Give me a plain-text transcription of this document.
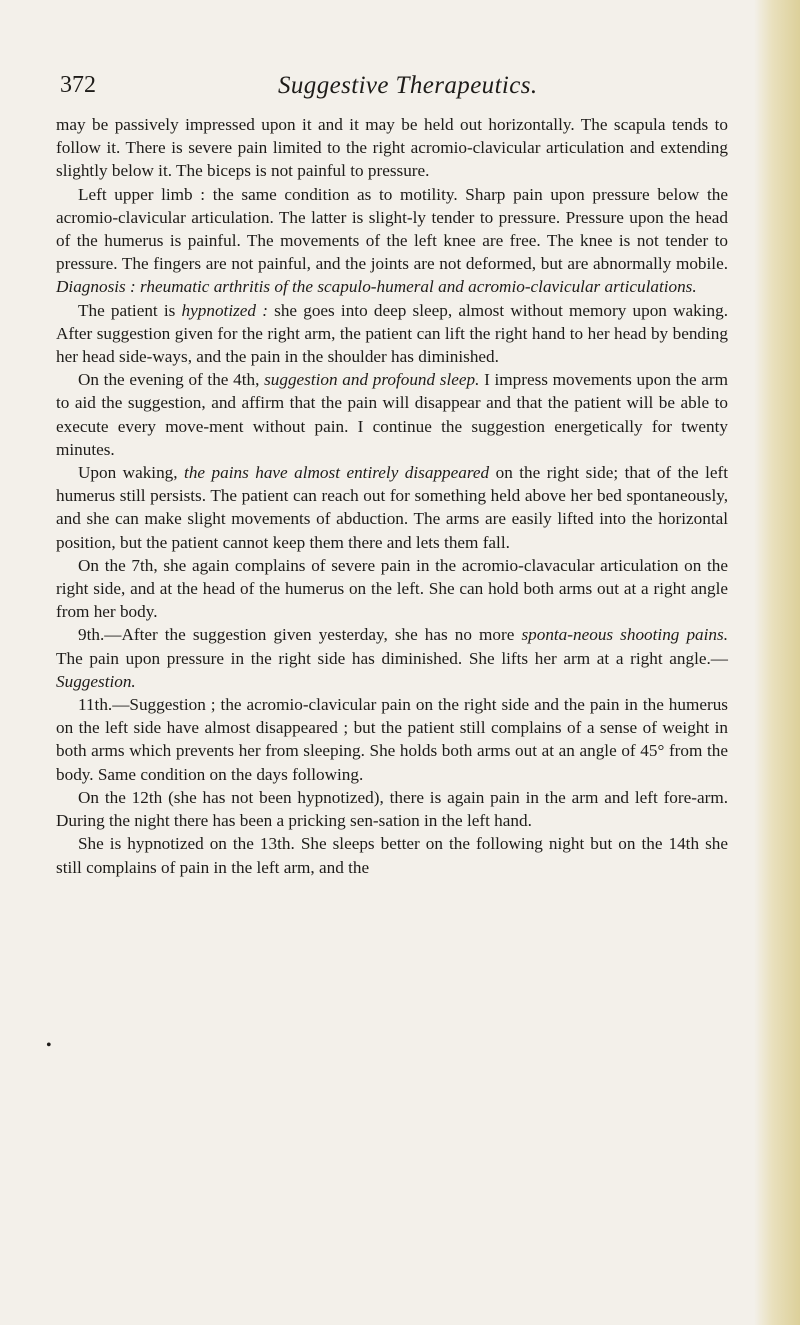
372	Suggestive Therapeutics.
•

may be passively impressed upon it and it may be held out horizontally. The scapula tends to follow it. There is severe pain limited to the right acromio-clavicular articulation and extending slightly below it. The biceps is not painful to pressure.

Left upper limb : the same condition as to motility. Sharp pain upon pressure below the acromio-clavicular articulation. The latter is slight-ly tender to pressure. Pressure upon the head of the humerus is painful. The movements of the left knee are free. The knee is not tender to pressure. The fingers are not painful, and the joints are not deformed, but are abnormally mobile. Diagnosis : rheumatic arthritis of the scapulo-humeral and acromio-clavicular articulations.

The patient is hypnotized : she goes into deep sleep, almost without memory upon waking. After suggestion given for the right arm, the patient can lift the right hand to her head by bending her head side-ways, and the pain in the shoulder has diminished.

On the evening of the 4th, suggestion and profound sleep. I impress movements upon the arm to aid the suggestion, and affirm that the pain will disappear and that the patient will be able to execute every move-ment without pain. I continue the suggestion energetically for twenty minutes.

Upon waking, the pains have almost entirely disappeared on the right side; that of the left humerus still persists. The patient can reach out for something held above her bed spontaneously, and she can make slight movements of abduction. The arms are easily lifted into the horizontal position, but the patient cannot keep them there and lets them fall.

On the 7th, she again complains of severe pain in the acromio-clavacular articulation on the right side, and at the head of the humerus on the left. She can hold both arms out at a right angle from her body.

9th.—After the suggestion given yesterday, she has no more sponta-neous shooting pains. The pain upon pressure in the right side has diminished. She lifts her arm at a right angle.—Suggestion.

11th.—Suggestion ; the acromio-clavicular pain on the right side and the pain in the humerus on the left side have almost disappeared ; but the patient still complains of a sense of weight in both arms which prevents her from sleeping. She holds both arms out at an angle of 45° from the body. Same condition on the days following.

On the 12th (she has not been hypnotized), there is again pain in the arm and left fore-arm. During the night there has been a pricking sen-sation in the left hand.

She is hypnotized on the 13th. She sleeps better on the following night but on the 14th she still complains of pain in the left arm, and the
